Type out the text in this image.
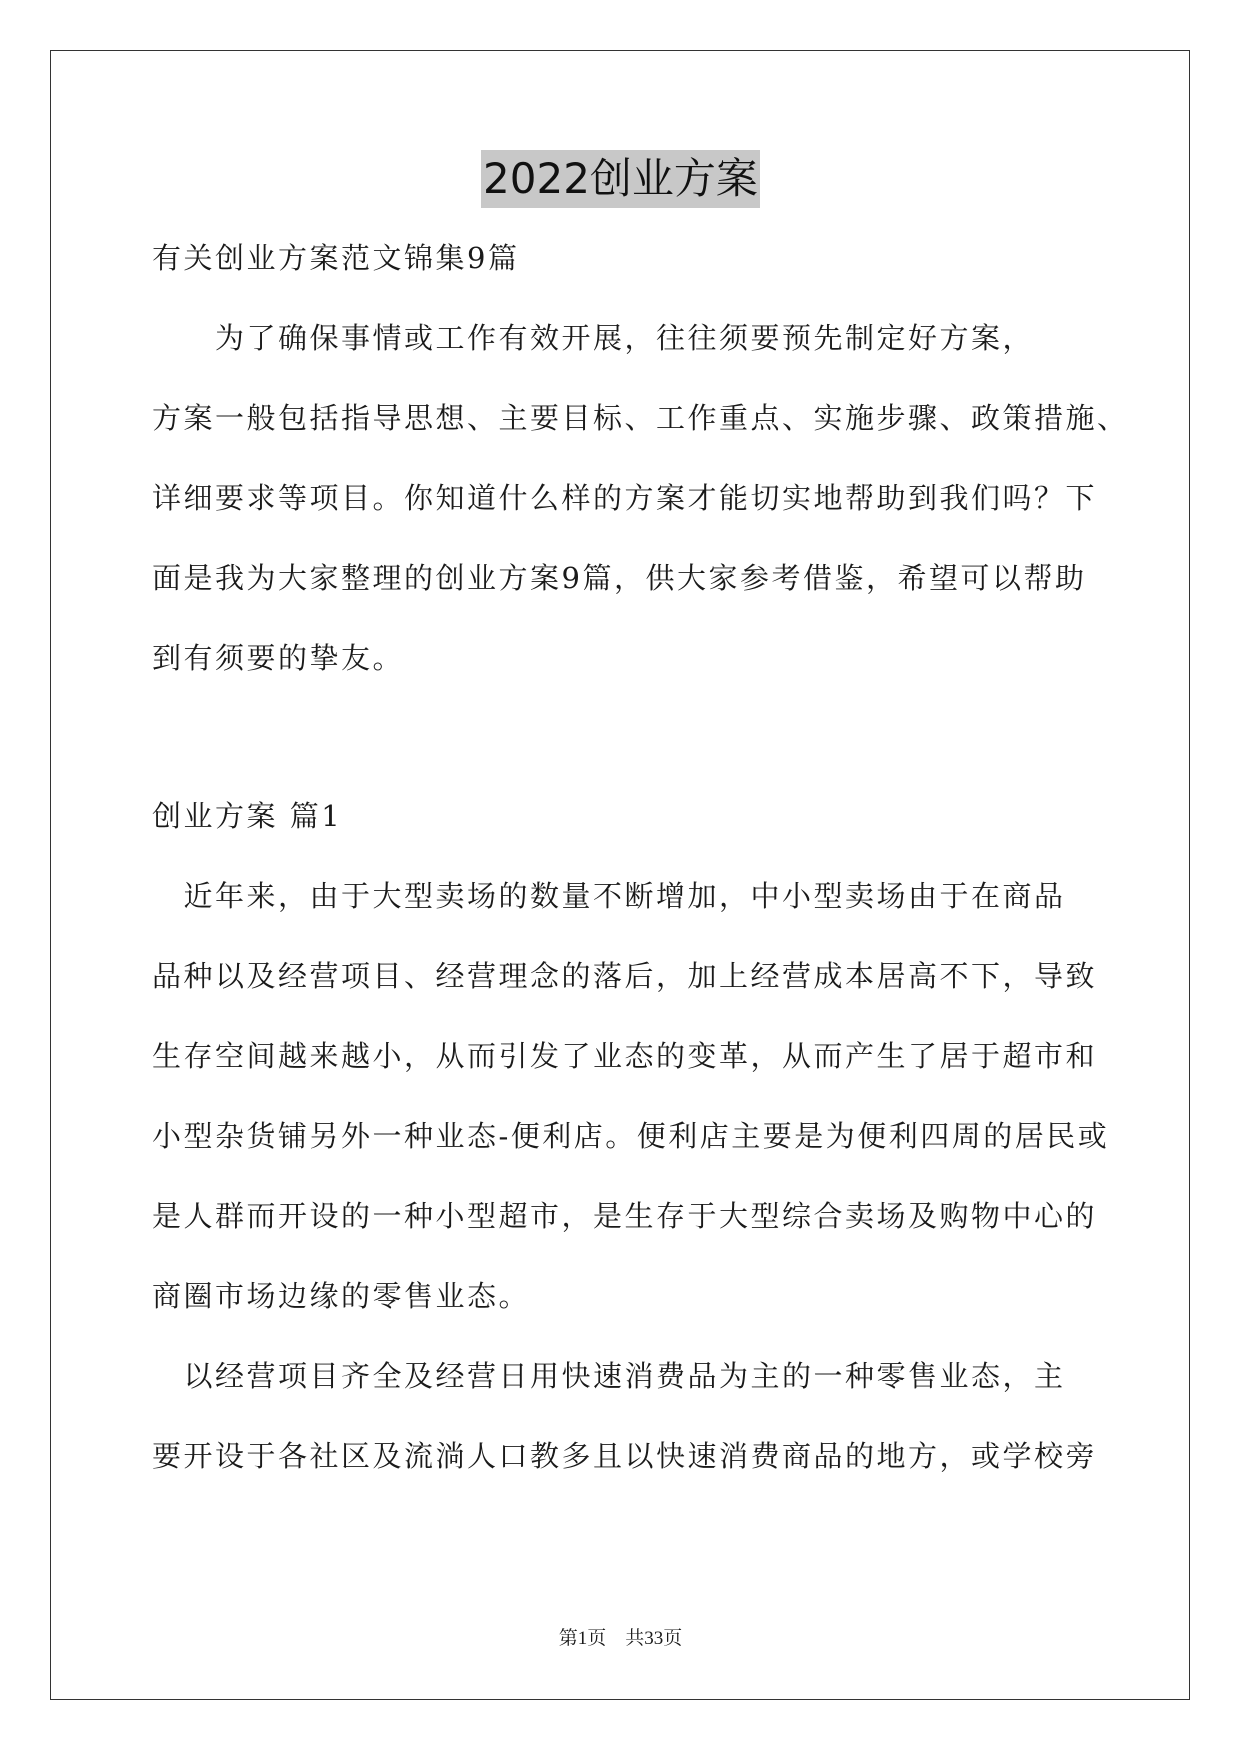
2022创业方案
有关创业方案范文锦集9篇
　　为了确保事情或工作有效开展，往往须要预先制定好方案，
方案一般包括指导思想、主要目标、工作重点、实施步骤、政策措施、
详细要求等项目。你知道什么样的方案才能切实地帮助到我们吗？下
面是我为大家整理的创业方案9篇，供大家参考借鉴，希望可以帮助
到有须要的挚友。
创业方案 篇1
　近年来，由于大型卖场的数量不断增加，中小型卖场由于在商品
品种以及经营项目、经营理念的落后，加上经营成本居高不下，导致
生存空间越来越小，从而引发了业态的变革，从而产生了居于超市和
小型杂货铺另外一种业态-便利店。便利店主要是为便利四周的居民或
是人群而开设的一种小型超市，是生存于大型综合卖场及购物中心的
商圈市场边缘的零售业态。
　以经营项目齐全及经营日用快速消费品为主的一种零售业态，主
要开设于各社区及流淌人口教多且以快速消费商品的地方，或学校旁
第1页　共33页
